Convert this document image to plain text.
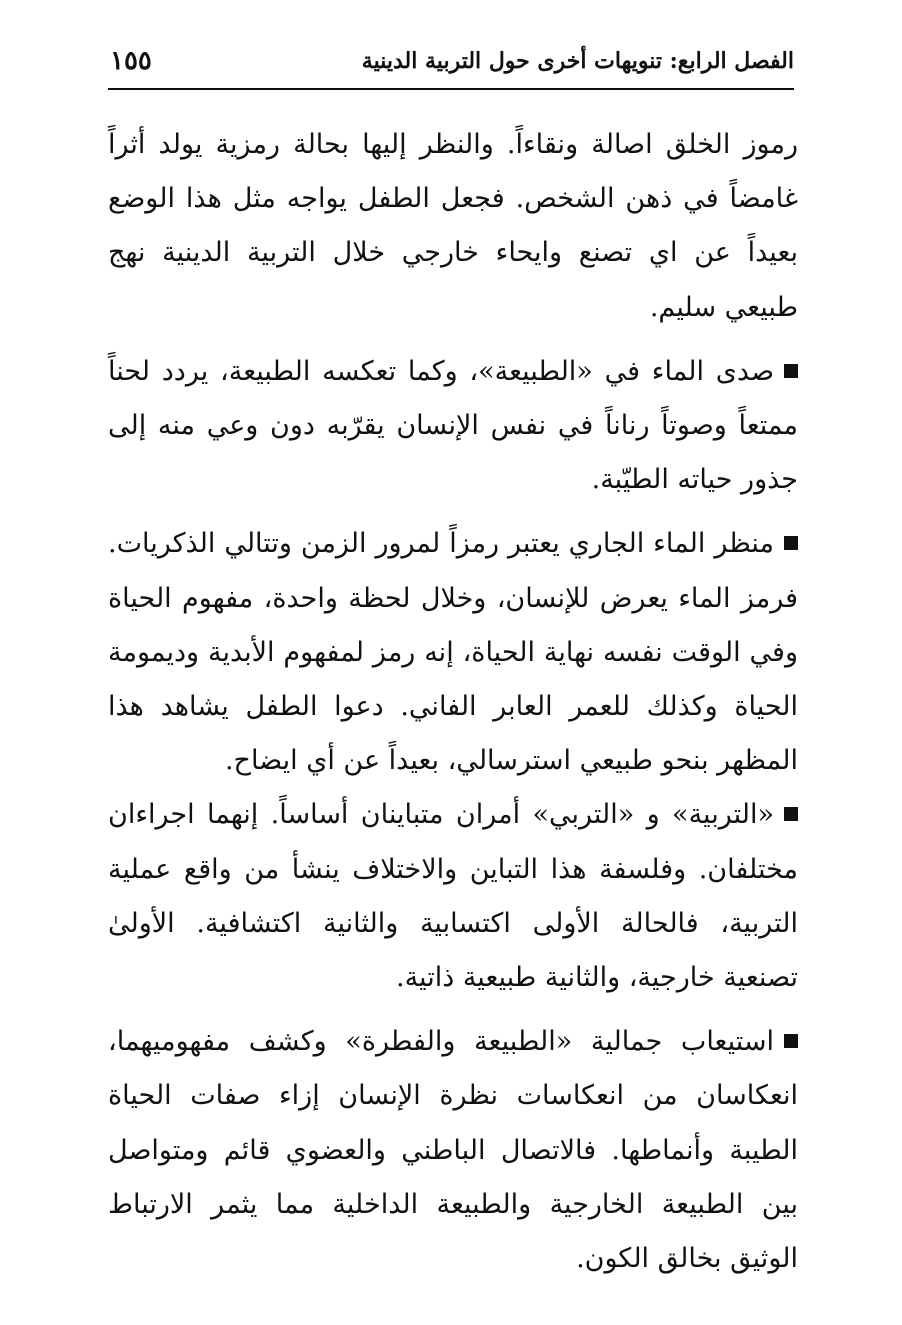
الفصل الرابع: تنويهات أخرى حول التربية الدينية
١٥٥

رموز الخلق اصالة ونقاءاً. والنظر إليها بحالة رمزية يولد أثراً غامضاً في ذهن الشخص. فجعل الطفل يواجه مثل هذا الوضع بعيداً عن اي تصنع وايحاء خارجي خلال التربية الدينية نهج طبيعي سليم.

صدى الماء في «الطبيعة»، وكما تعكسه الطبيعة، يردد لحناً ممتعاً وصوتاً رناناً في نفس الإنسان يقرّبه دون وعي منه إلى جذور حياته الطيّبة.

منظر الماء الجاري يعتبر رمزاً لمرور الزمن وتتالي الذكريات. فرمز الماء يعرض للإنسان، وخلال لحظة واحدة، مفهوم الحياة وفي الوقت نفسه نهاية الحياة، إنه رمز لمفهوم الأبدية وديمومة الحياة وكذلك للعمر العابر الفاني. دعوا الطفل يشاهد هذا المظهر بنحو طبيعي استرسالي، بعيداً عن أي ايضاح.

«التربية» و «التربي» أمران متباينان أساساً. إنهما اجراءان مختلفان. وفلسفة هذا التباين والاختلاف ينشأ من واقع عملية التربية، فالحالة الأولى اكتسابية والثانية اكتشافية. الأولىٰ تصنعية خارجية، والثانية طبيعية ذاتية.

استيعاب جمالية «الطبيعة والفطرة» وكشف مفهوميهما، انعكاسان من انعكاسات نظرة الإنسان إزاء صفات الحياة الطيبة وأنماطها. فالاتصال الباطني والعضوي قائم ومتواصل بين الطبيعة الخارجية والطبيعة الداخلية مما يثمر الارتباط الوثيق بخالق الكون.
